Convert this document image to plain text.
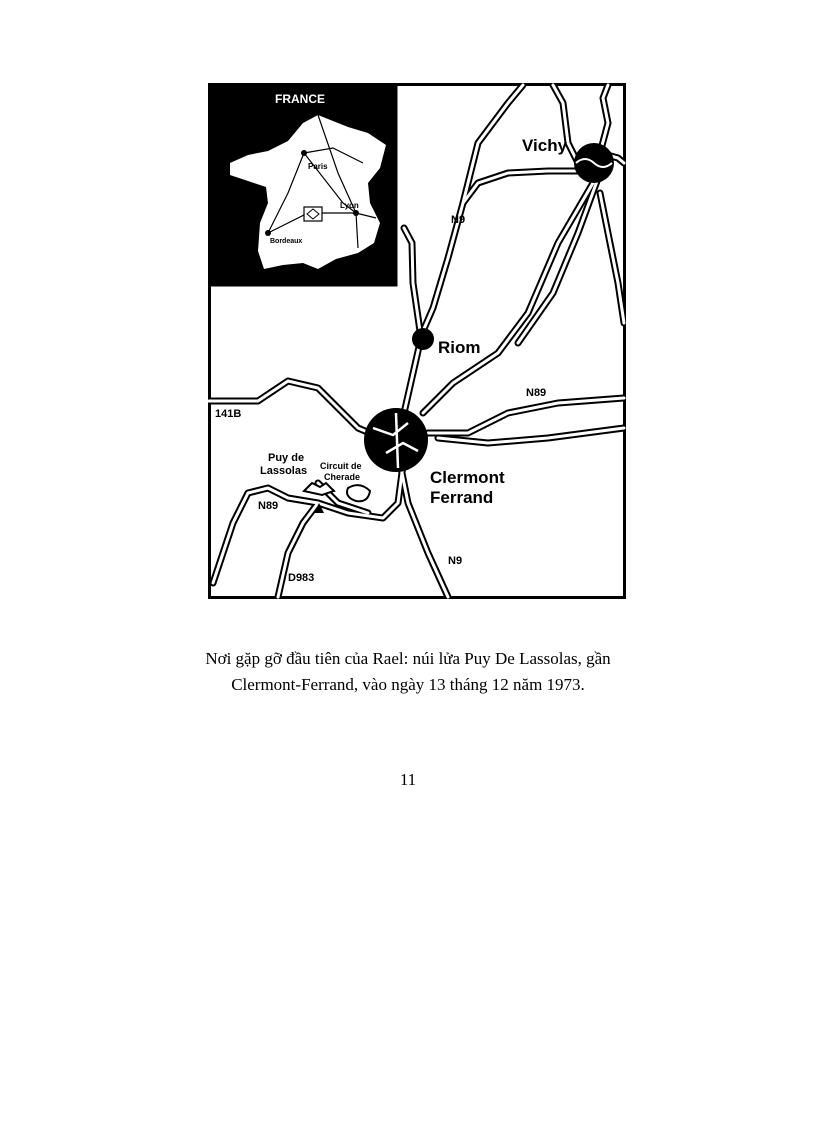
FRANCE
Paris
Lyon
Bordeaux
Vichy
Riom
Clermont
Ferrand
N9
N89
141B
N89
N9
D983
Puy de
Lassolas Circuit de
Cherade
Nơi gặp gỡ đầu tiên của Rael: núi lửa Puy De Lassolas, gần
Clermont-Ferrand, vào ngày 13 tháng 12 năm 1973.
11
